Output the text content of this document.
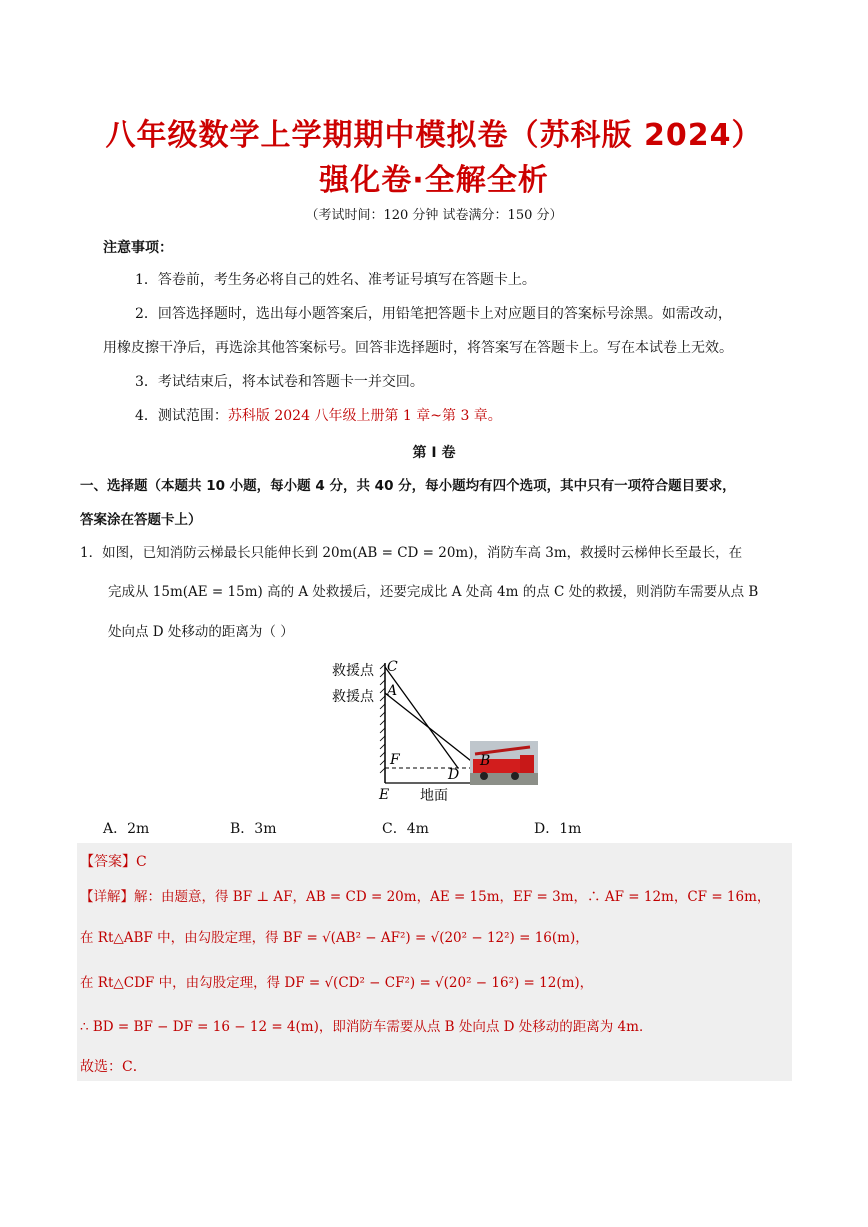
八年级数学上学期期中模拟卷（苏科版 2024）
强化卷·全解全析
（考试时间：120 分钟 试卷满分：150 分）
注意事项：
1．答卷前，考生务必将自己的姓名、准考证号填写在答题卡上。
2．回答选择题时，选出每小题答案后，用铅笔把答题卡上对应题目的答案标号涂黑。如需改动，
用橡皮擦干净后，再选涂其他答案标号。回答非选择题时，将答案写在答题卡上。写在本试卷上无效。
3．考试结束后，将本试卷和答题卡一并交回。
4．测试范围：苏科版 2024 八年级上册第 1 章~第 3 章。
第 I 卷
一、选择题（本题共 10 小题，每小题 4 分，共 40 分，每小题均有四个选项，其中只有一项符合题目要求，
答案涂在答题卡上）
1．如图，已知消防云梯最长只能伸长到 20m(AB = CD = 20m)，消防车高 3m，救援时云梯伸长至最长，在
完成从 15m(AE = 15m) 高的 A 处救援后，还要完成比 A 处高 4m 的点 C 处的救援，则消防车需要从点 B
处向点 D 处移动的距离为（ ）
救援点 C
救援点 A
F
D
B
E 地面
A．2m	B．3m	C．4m	D．1m
【答案】C
【详解】解：由题意，得 BF ⊥ AF，AB = CD = 20m，AE = 15m，EF = 3m，∴ AF = 12m，CF = 16m，
在 Rt△ABF 中，由勾股定理，得 BF = √(AB² − AF²) = √(20² − 12²) = 16(m)，
在 Rt△CDF 中，由勾股定理，得 DF = √(CD² − CF²) = √(20² − 16²) = 12(m)，
∴ BD = BF − DF = 16 − 12 = 4(m)，即消防车需要从点 B 处向点 D 处移动的距离为 4m．
故选：C．
